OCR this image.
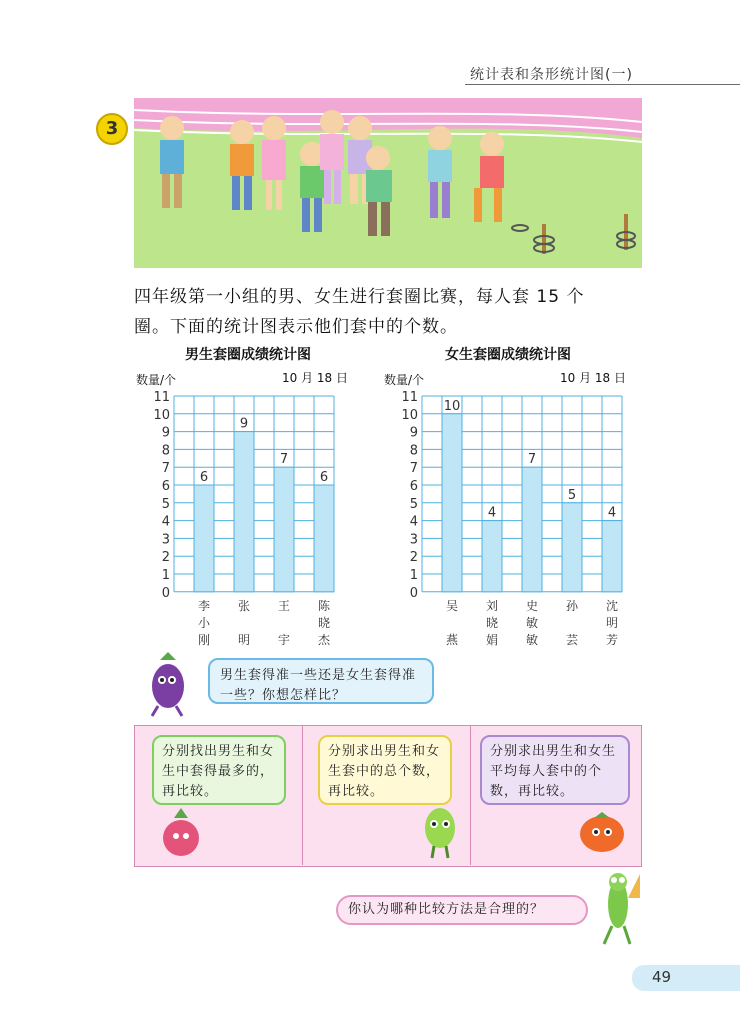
统计表和条形统计图(一)
3
四年级第一小组的男、女生进行套圈比赛，每人套 15 个
圈。下面的统计图表示他们套中的个数。
男生套圈成绩统计图
数量/个	10 月 18 日
0
1
2
3
4
5
6
7
8
9
10
11
6
李
小
刚
9
张
明
7
王
宇
6
陈
晓
杰
女生套圈成绩统计图
数量/个	10 月 18 日
0
1
2
3
4
5
6
7
8
9
10
11
10
吴
燕
4
刘
晓
娟
7
史
敏
敏
5
孙
芸
4
沈
明
芳
男生套得准一些还是女生套得准一些？你想怎样比？
分别找出男生和女生中套得最多的，再比较。
分别求出男生和女生套中的总个数，再比较。
分别求出男生和女生平均每人套中的个数，再比较。
你认为哪种比较方法是合理的？
49
